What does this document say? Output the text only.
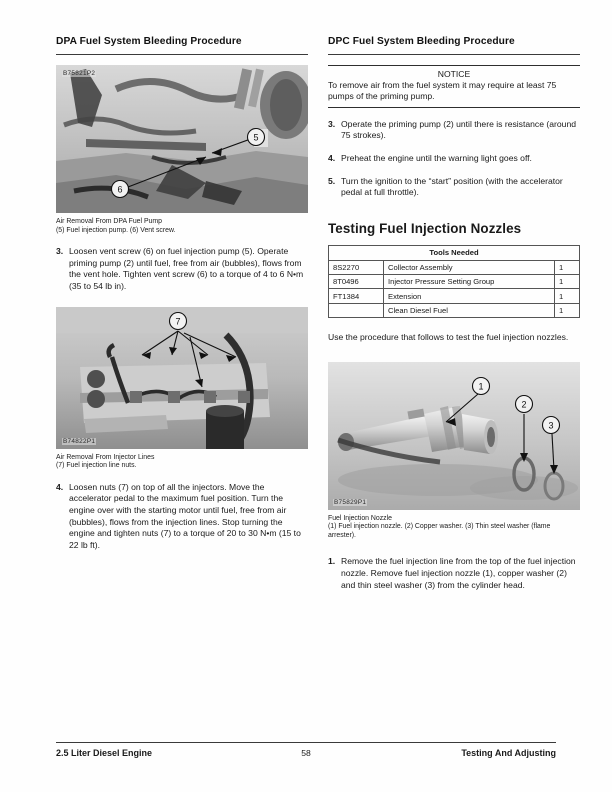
DPA Fuel System Bleeding Procedure
5
6
B75821P2
Air Removal From DPA Fuel Pump
(5) Fuel injection pump. (6) Vent screw.
3. Loosen vent screw (6) on fuel injection pump (5). Operate priming pump (2) until fuel, free from air (bubbles), flows from the vent hole. Tighten vent screw (6) to a torque of 4 to 6 N•m (35 to 54 lb in).
7
B74822P1
Air Removal From Injector Lines
(7) Fuel injection line nuts.
4. Loosen nuts (7) on top of all the injectors. Move the accelerator pedal to the maximum fuel position. Turn the engine over with the starting motor until fuel, free from air (bubbles), flows from the injection lines. Stop turning the engine and tighten nuts (7) to a torque of 20 to 30 N•m (15 to 22 lb ft).
DPC Fuel System Bleeding Procedure
NOTICE
To remove air from the fuel system it may require at least 75 pumps of the priming pump.
3. Operate the priming pump (2) until there is resistance (around 75 strokes).
4. Preheat the engine until the warning light goes off.
5. Turn the ignition to the “start” position (with the accelerator pedal at full throttle).
Testing Fuel Injection Nozzles
Tools Needed		
8S2270	Collector Assembly	1
8T0496	Injector Pressure Setting Group	1
FT1384	Extension	1
	Clean Diesel Fuel	1
Use the procedure that follows to test the fuel injection nozzles.
1
2
3
B75829P1
Fuel Injection Nozzle
(1) Fuel injection nozzle. (2) Copper washer. (3) Thin steel washer (flame arrester).
1. Remove the fuel injection line from the top of the fuel injection nozzle. Remove fuel injection nozzle (1), copper washer (2) and thin steel washer (3) from the cylinder head.
2.5 Liter Diesel Engine	58	Testing And Adjusting
